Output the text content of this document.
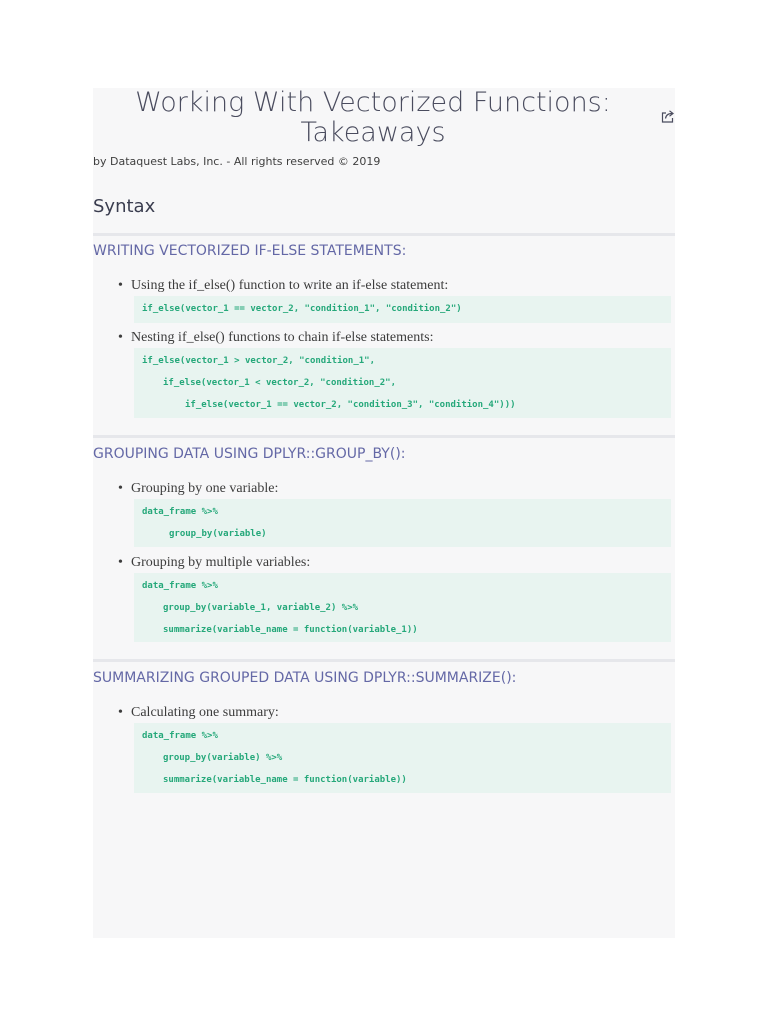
Working With Vectorized Functions:
Takeaways
by Dataquest Labs, Inc. - All rights reserved © 2019
Syntax
WRITING VECTORIZED IF-ELSE STATEMENTS:
• Using the if_else() function to write an if-else statement:
if_else(vector_1 == vector_2, "condition_1", "condition_2")
• Nesting if_else() functions to chain if-else statements:
if_else(vector_1 > vector_2, "condition_1",
if_else(vector_1 < vector_2, "condition_2",
if_else(vector_1 == vector_2, "condition_3", "condition_4")))
GROUPING DATA USING DPLYR::GROUP_BY():
• Grouping by one variable:
data_frame %>%
group_by(variable)
• Grouping by multiple variables:
data_frame %>%
group_by(variable_1, variable_2) %>%
summarize(variable_name = function(variable_1))
SUMMARIZING GROUPED DATA USING DPLYR::SUMMARIZE():
• Calculating one summary:
data_frame %>%
group_by(variable) %>%
summarize(variable_name = function(variable))
